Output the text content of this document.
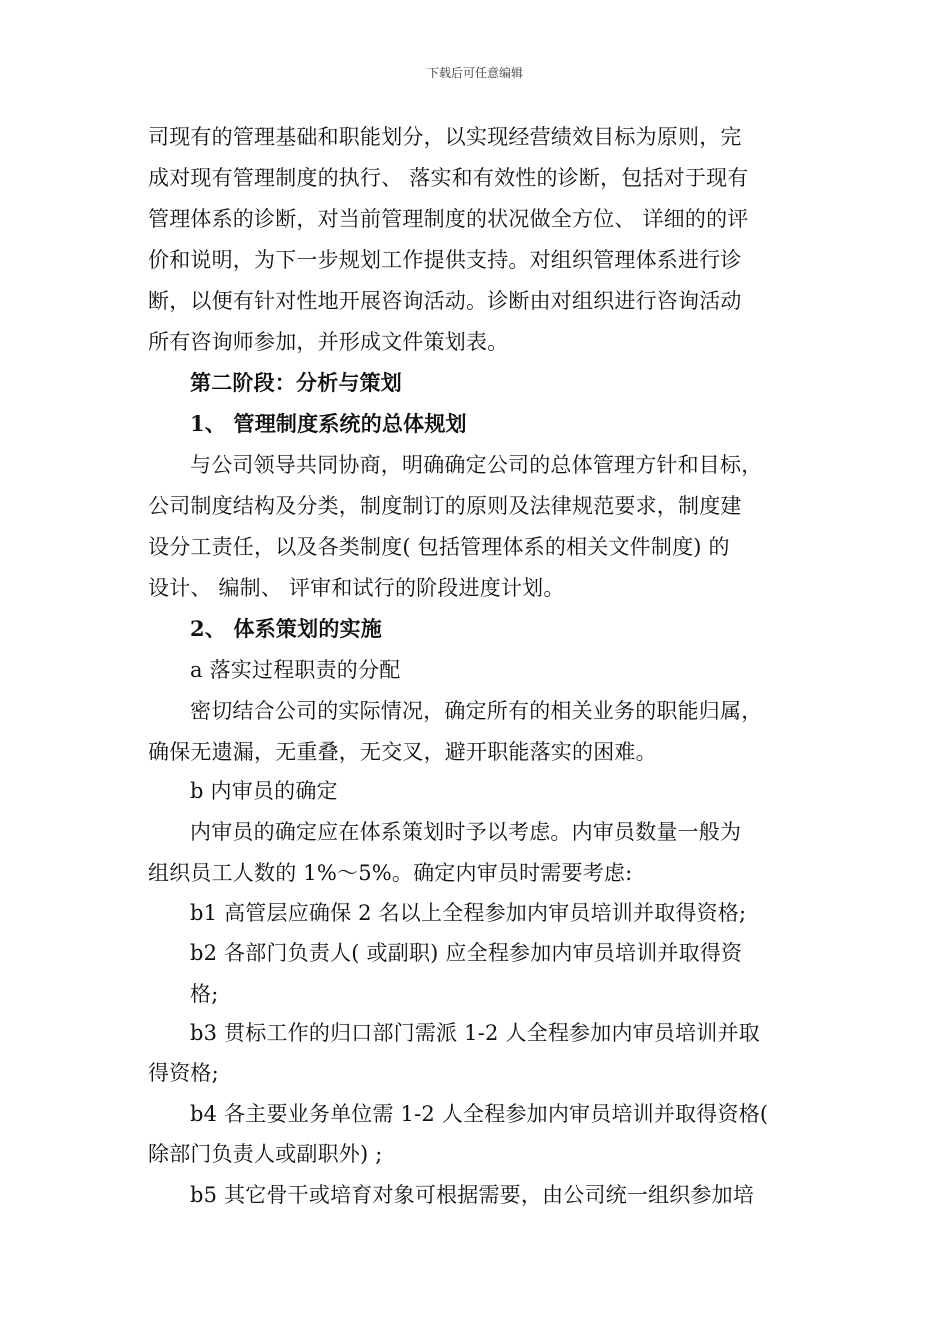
下载后可任意编辑
司现有的管理基础和职能划分，以实现经营绩效目标为原则，完
成对现有管理制度的执行、 落实和有效性的诊断，包括对于现有
管理体系的诊断，对当前管理制度的状况做全方位、 详细的的评
价和说明，为下一步规划工作提供支持。对组织管理体系进行诊
断，以便有针对性地开展咨询活动。诊断由对组织进行咨询活动
所有咨询师参加，并形成文件策划表。
第二阶段：分析与策划
1、 管理制度系统的总体规划
与公司领导共同协商，明确确定公司的总体管理方针和目标，
公司制度结构及分类，制度制订的原则及法律规范要求，制度建
设分工责任，以及各类制度( 包括管理体系的相关文件制度) 的
设计、 编制、 评审和试行的阶段进度计划。
2、 体系策划的实施
a 落实过程职责的分配
密切结合公司的实际情况，确定所有的相关业务的职能归属，
确保无遗漏，无重叠，无交叉，避开职能落实的困难。
b 内审员的确定
内审员的确定应在体系策划时予以考虑。内审员数量一般为
组织员工人数的 1%～5%。确定内审员时需要考虑:
b1 高管层应确保 2 名以上全程参加内审员培训并取得资格;
b2 各部门负责人( 或副职) 应全程参加内审员培训并取得资
格;
b3 贯标工作的归口部门需派 1-2 人全程参加内审员培训并取
得资格;
b4 各主要业务单位需 1-2 人全程参加内审员培训并取得资格(
除部门负责人或副职外) ;
b5 其它骨干或培育对象可根据需要，由公司统一组织参加培
